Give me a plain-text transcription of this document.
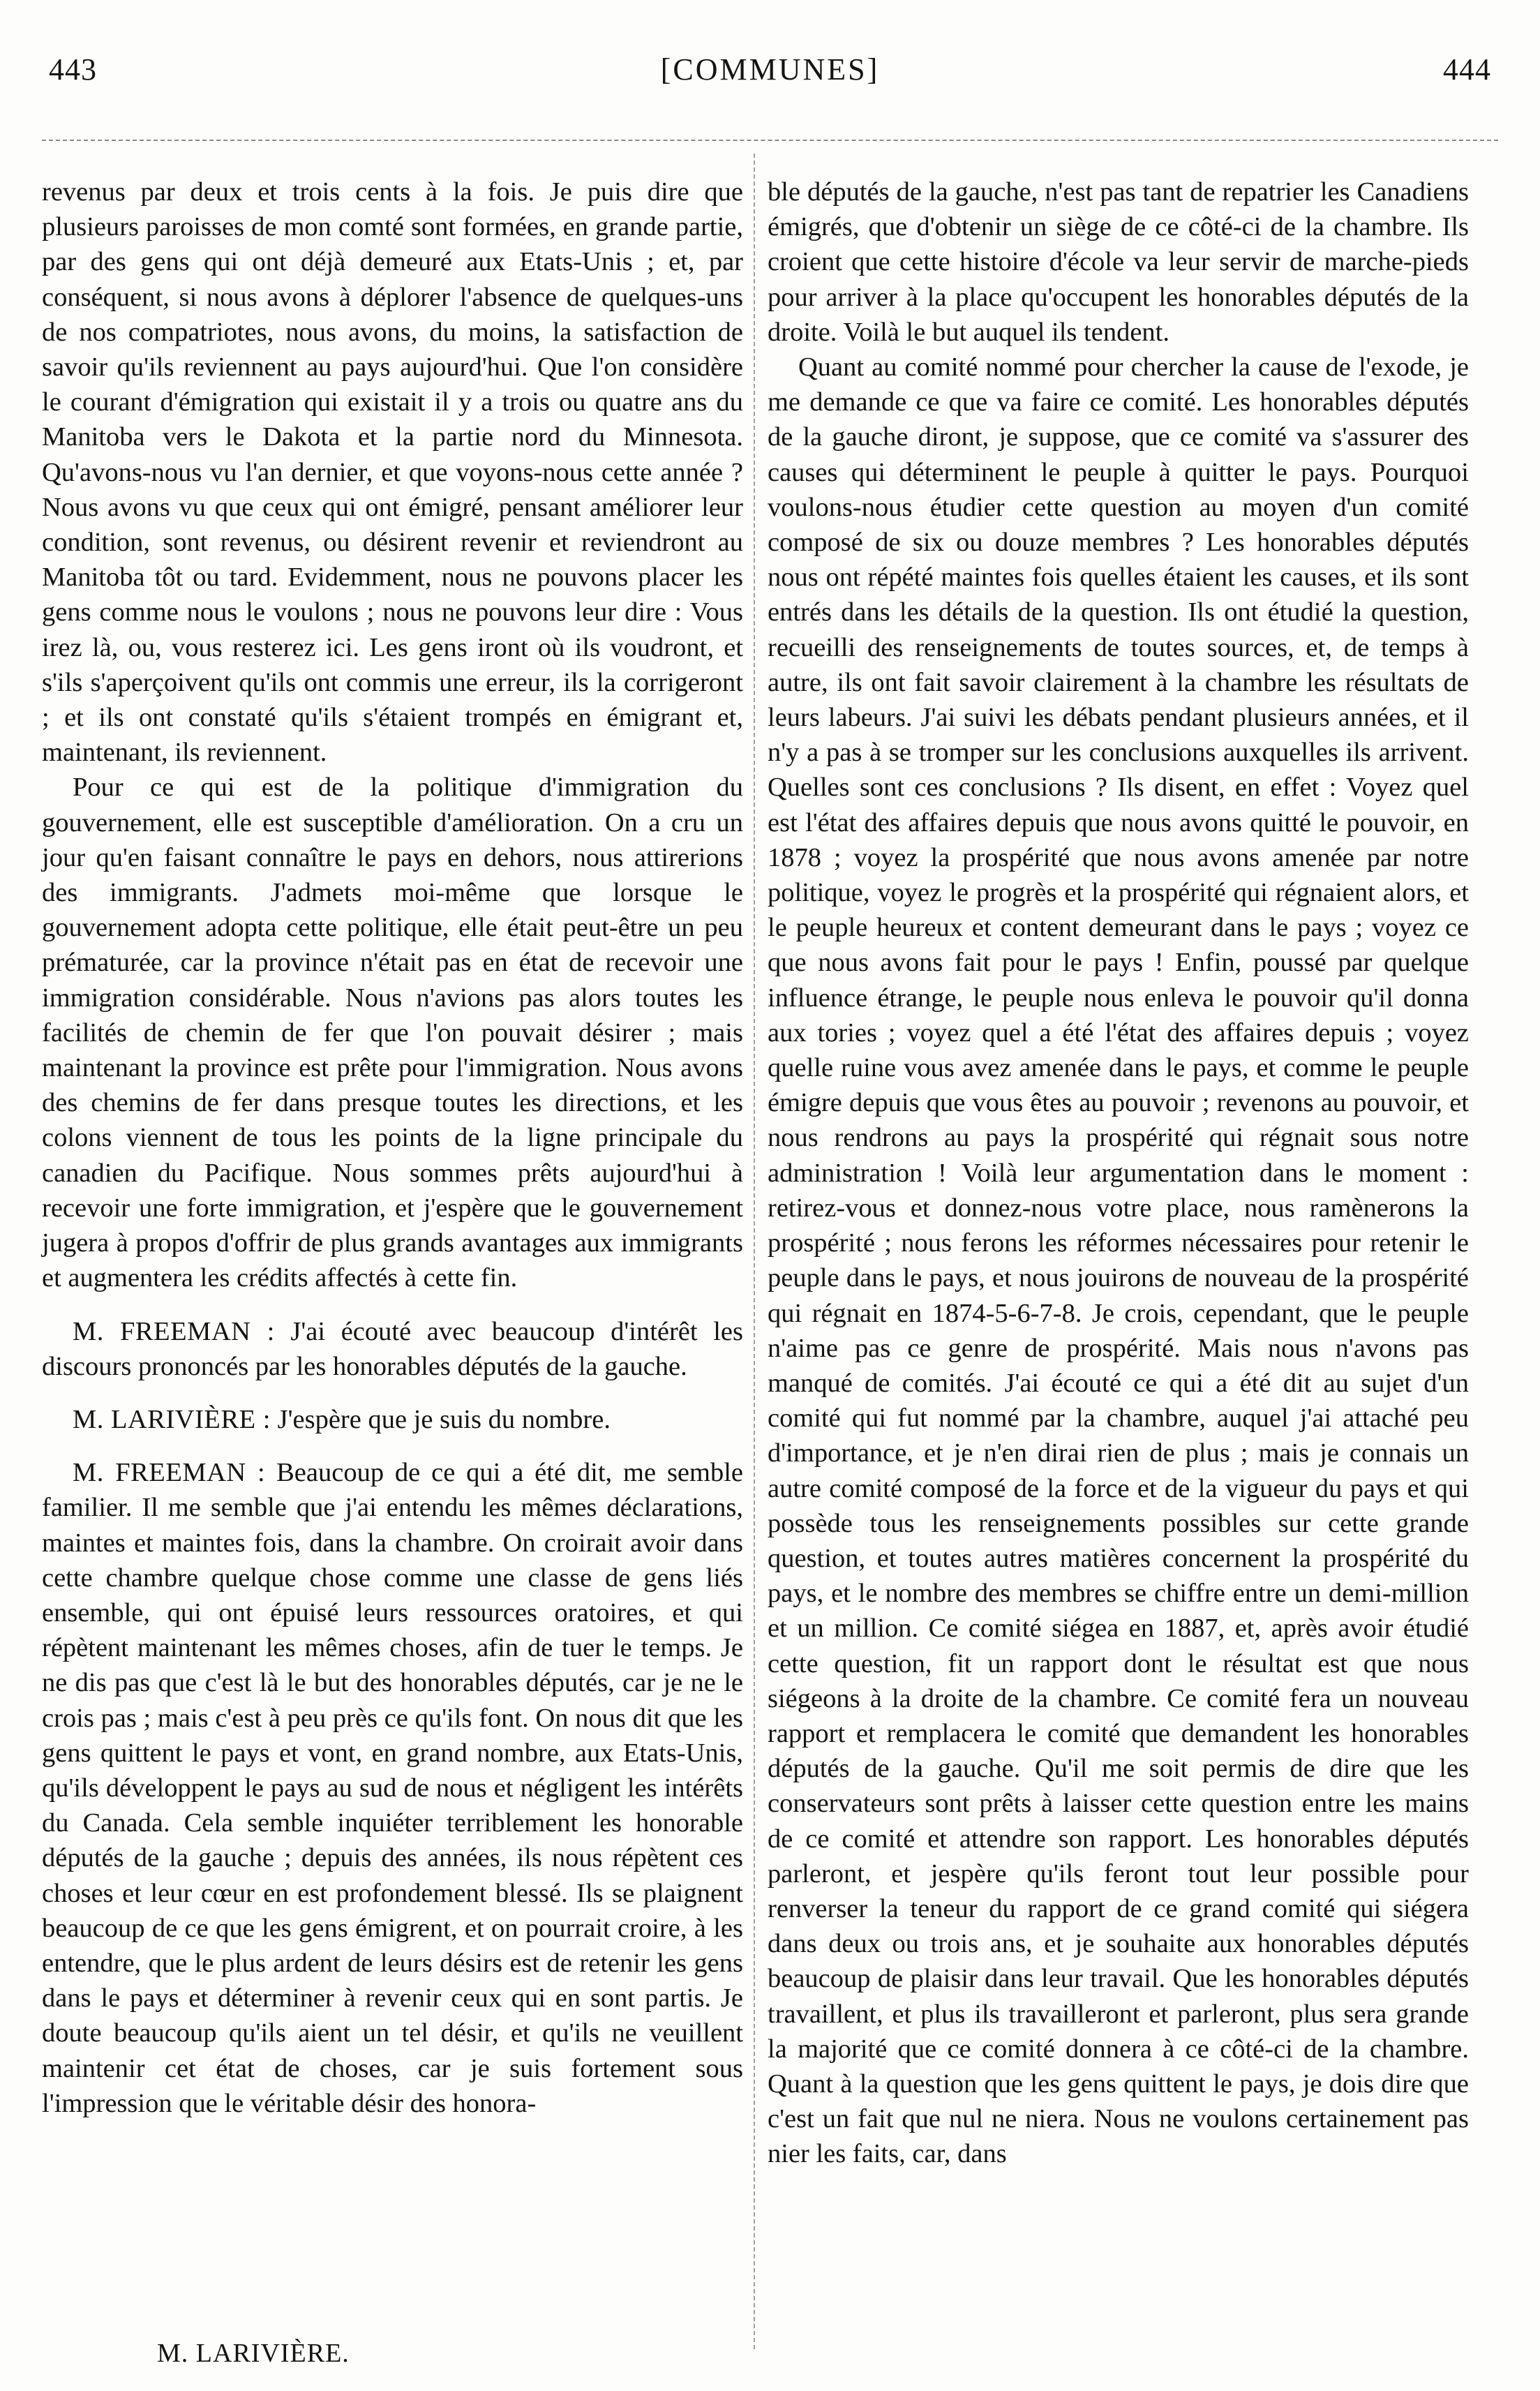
443	[COMMUNES]	444

revenus par deux et trois cents à la fois. Je puis dire que plusieurs paroisses de mon comté sont formées, en grande partie, par des gens qui ont déjà demeuré aux Etats-Unis ; et, par conséquent, si nous avons à déplorer l'absence de quelques-uns de nos compatriotes, nous avons, du moins, la satisfaction de savoir qu'ils reviennent au pays aujourd'hui. Que l'on considère le courant d'émigration qui existait il y a trois ou quatre ans du Manitoba vers le Dakota et la partie nord du Minnesota. Qu'avons-nous vu l'an dernier, et que voyons-nous cette année ? Nous avons vu que ceux qui ont émigré, pensant améliorer leur condition, sont revenus, ou désirent revenir et reviendront au Manitoba tôt ou tard. Evidemment, nous ne pouvons placer les gens comme nous le voulons ; nous ne pouvons leur dire : Vous irez là, ou, vous resterez ici. Les gens iront où ils voudront, et s'ils s'aperçoivent qu'ils ont commis une erreur, ils la corrigeront ; et ils ont constaté qu'ils s'étaient trompés en émigrant et, maintenant, ils reviennent.

Pour ce qui est de la politique d'immigration du gouvernement, elle est susceptible d'amélioration. On a cru un jour qu'en faisant connaître le pays en dehors, nous attirerions des immigrants. J'admets moi-même que lorsque le gouvernement adopta cette politique, elle était peut-être un peu prématurée, car la province n'était pas en état de recevoir une immigration considérable. Nous n'avions pas alors toutes les facilités de chemin de fer que l'on pouvait désirer ; mais maintenant la province est prête pour l'immigration. Nous avons des chemins de fer dans presque toutes les directions, et les colons viennent de tous les points de la ligne principale du canadien du Pacifique. Nous sommes prêts aujourd'hui à recevoir une forte immigration, et j'espère que le gouvernement jugera à propos d'offrir de plus grands avantages aux immigrants et augmentera les crédits affectés à cette fin.

M. FREEMAN : J'ai écouté avec beaucoup d'intérêt les discours prononcés par les honorables députés de la gauche.

M. LARIVIÈRE : J'espère que je suis du nombre.

M. FREEMAN : Beaucoup de ce qui a été dit, me semble familier. Il me semble que j'ai entendu les mêmes déclarations, maintes et maintes fois, dans la chambre. On croirait avoir dans cette chambre quelque chose comme une classe de gens liés ensemble, qui ont épuisé leurs ressources oratoires, et qui répètent maintenant les mêmes choses, afin de tuer le temps. Je ne dis pas que c'est là le but des honorables députés, car je ne le crois pas ; mais c'est à peu près ce qu'ils font. On nous dit que les gens quittent le pays et vont, en grand nombre, aux Etats-Unis, qu'ils développent le pays au sud de nous et négligent les intérêts du Canada. Cela semble inquiéter terriblement les honorable députés de la gauche ; depuis des années, ils nous répètent ces choses et leur cœur en est profondement blessé. Ils se plaignent beaucoup de ce que les gens émigrent, et on pourrait croire, à les entendre, que le plus ardent de leurs désirs est de retenir les gens dans le pays et déterminer à revenir ceux qui en sont partis. Je doute beaucoup qu'ils aient un tel désir, et qu'ils ne veuillent maintenir cet état de choses, car je suis fortement sous l'impression que le véritable désir des honora-

ble députés de la gauche, n'est pas tant de repatrier les Canadiens émigrés, que d'obtenir un siège de ce côté-ci de la chambre. Ils croient que cette histoire d'école va leur servir de marche-pieds pour arriver à la place qu'occupent les honorables députés de la droite. Voilà le but auquel ils tendent.

Quant au comité nommé pour chercher la cause de l'exode, je me demande ce que va faire ce comité. Les honorables députés de la gauche diront, je suppose, que ce comité va s'assurer des causes qui déterminent le peuple à quitter le pays. Pourquoi voulons-nous étudier cette question au moyen d'un comité composé de six ou douze membres ? Les honorables députés nous ont répété maintes fois quelles étaient les causes, et ils sont entrés dans les détails de la question. Ils ont étudié la question, recueilli des renseignements de toutes sources, et, de temps à autre, ils ont fait savoir clairement à la chambre les résultats de leurs labeurs. J'ai suivi les débats pendant plusieurs années, et il n'y a pas à se tromper sur les conclusions auxquelles ils arrivent. Quelles sont ces conclusions ? Ils disent, en effet : Voyez quel est l'état des affaires depuis que nous avons quitté le pouvoir, en 1878 ; voyez la prospérité que nous avons amenée par notre politique, voyez le progrès et la prospérité qui régnaient alors, et le peuple heureux et content demeurant dans le pays ; voyez ce que nous avons fait pour le pays ! Enfin, poussé par quelque influence étrange, le peuple nous enleva le pouvoir qu'il donna aux tories ; voyez quel a été l'état des affaires depuis ; voyez quelle ruine vous avez amenée dans le pays, et comme le peuple émigre depuis que vous êtes au pouvoir ; revenons au pouvoir, et nous rendrons au pays la prospérité qui régnait sous notre administration ! Voilà leur argumentation dans le moment : retirez-vous et donnez-nous votre place, nous ramènerons la prospérité ; nous ferons les réformes nécessaires pour retenir le peuple dans le pays, et nous jouirons de nouveau de la prospérité qui régnait en 1874-5-6-7-8. Je crois, cependant, que le peuple n'aime pas ce genre de prospérité. Mais nous n'avons pas manqué de comités. J'ai écouté ce qui a été dit au sujet d'un comité qui fut nommé par la chambre, auquel j'ai attaché peu d'importance, et je n'en dirai rien de plus ; mais je connais un autre comité composé de la force et de la vigueur du pays et qui possède tous les renseignements possibles sur cette grande question, et toutes autres matières concernent la prospérité du pays, et le nombre des membres se chiffre entre un demi-million et un million. Ce comité siégea en 1887, et, après avoir étudié cette question, fit un rapport dont le résultat est que nous siégeons à la droite de la chambre. Ce comité fera un nouveau rapport et remplacera le comité que demandent les honorables députés de la gauche. Qu'il me soit permis de dire que les conservateurs sont prêts à laisser cette question entre les mains de ce comité et attendre son rapport. Les honorables députés parleront, et jespère qu'ils feront tout leur possible pour renverser la teneur du rapport de ce grand comité qui siégera dans deux ou trois ans, et je souhaite aux honorables députés beaucoup de plaisir dans leur travail. Que les honorables députés travaillent, et plus ils travailleront et parleront, plus sera grande la majorité que ce comité donnera à ce côté-ci de la chambre. Quant à la question que les gens quittent le pays, je dois dire que c'est un fait que nul ne niera. Nous ne voulons certainement pas nier les faits, car, dans

M. LARIVIÈRE.
